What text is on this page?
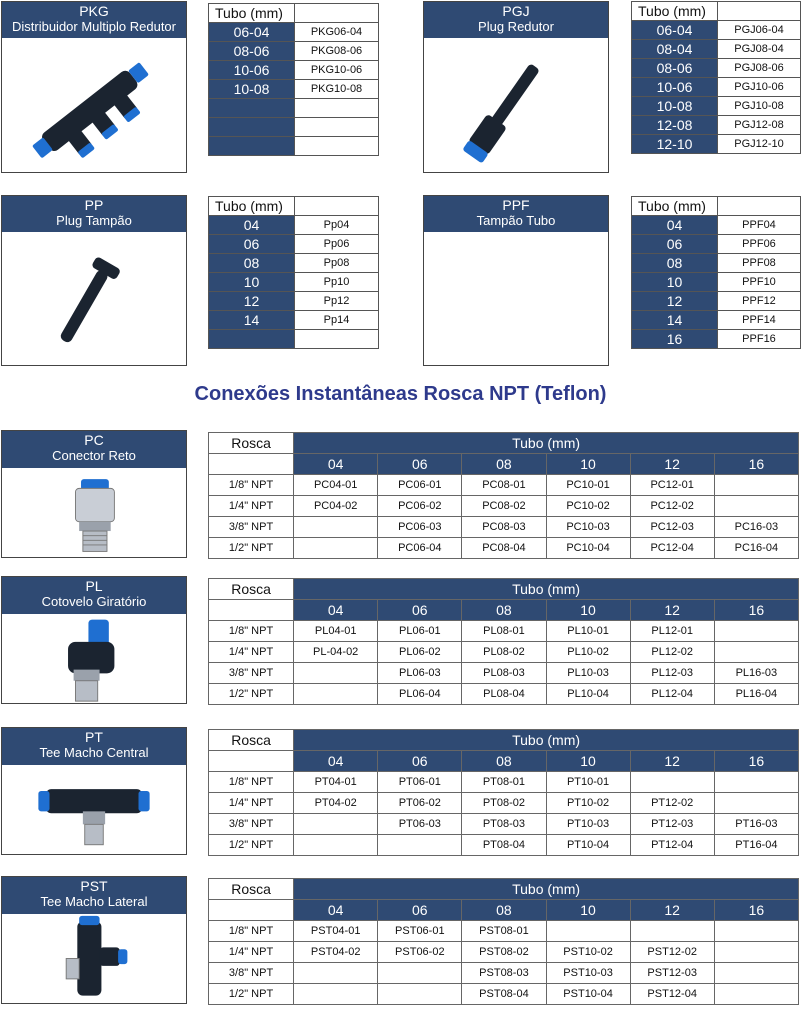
PKG
Distribuidor Multiplo Redutor
Tubo (mm)	
06-04	PKG06-04
08-06	PKG08-06
10-06	PKG10-06
10-08	PKG10-08

PGJ
Plug Redutor
Tubo (mm)	
06-04	PGJ06-04
08-04	PGJ08-04
08-06	PGJ08-06
10-06	PGJ10-06
10-08	PGJ10-08
12-08	PGJ12-08
12-10	PGJ12-10
PP
Plug Tampão
Tubo (mm)	
04	Pp04
06	Pp06
08	Pp08
10	Pp10
12	Pp12
14	Pp14

PPF
Tampão Tubo
Tubo (mm)	
04	PPF04
06	PPF06
08	PPF08
10	PPF10
12	PPF12
14	PPF14
16	PPF16
Conexões Instantâneas Rosca NPT (Teflon)
PC
Conector Reto
Rosca	Tubo (mm)					
	04	06	08	10	12	16
1/8" NPT	PC04-01	PC06-01	PC08-01	PC10-01	PC12-01	
1/4" NPT	PC04-02	PC06-02	PC08-02	PC10-02	PC12-02	
3/8" NPT		PC06-03	PC08-03	PC10-03	PC12-03	PC16-03
1/2" NPT		PC06-04	PC08-04	PC10-04	PC12-04	PC16-04
PL
Cotovelo Giratório
Rosca	Tubo (mm)					
	04	06	08	10	12	16
1/8" NPT	PL04-01	PL06-01	PL08-01	PL10-01	PL12-01	
1/4" NPT	PL-04-02	PL06-02	PL08-02	PL10-02	PL12-02	
3/8" NPT		PL06-03	PL08-03	PL10-03	PL12-03	PL16-03
1/2" NPT		PL06-04	PL08-04	PL10-04	PL12-04	PL16-04
PT
Tee Macho Central
Rosca	Tubo (mm)					
	04	06	08	10	12	16
1/8" NPT	PT04-01	PT06-01	PT08-01	PT10-01		
1/4" NPT	PT04-02	PT06-02	PT08-02	PT10-02	PT12-02	
3/8" NPT		PT06-03	PT08-03	PT10-03	PT12-03	PT16-03
1/2" NPT			PT08-04	PT10-04	PT12-04	PT16-04
PST
Tee Macho Lateral
Rosca	Tubo (mm)					
	04	06	08	10	12	16
1/8" NPT	PST04-01	PST06-01	PST08-01			
1/4" NPT	PST04-02	PST06-02	PST08-02	PST10-02	PST12-02	
3/8" NPT			PST08-03	PST10-03	PST12-03	
1/2" NPT			PST08-04	PST10-04	PST12-04	
